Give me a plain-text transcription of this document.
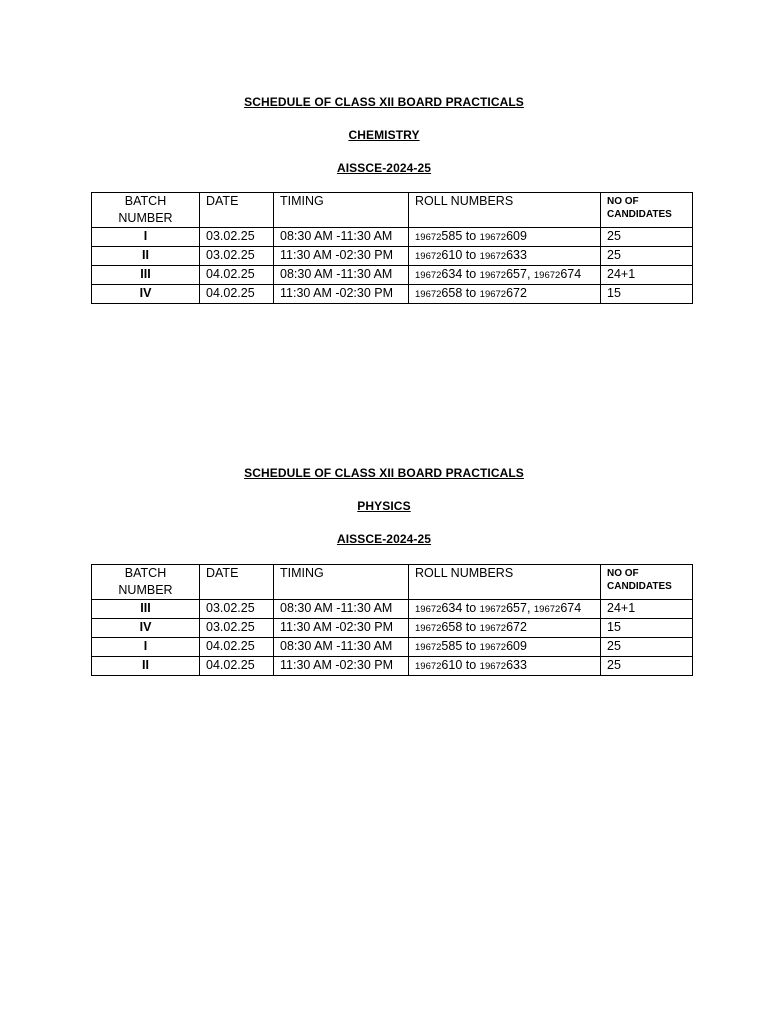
SCHEDULE OF CLASS XII BOARD PRACTICALS
CHEMISTRY
AISSCE-2024-25
BATCH
NUMBER	DATE	TIMING	ROLL NUMBERS	NO OF
CANDIDATES
I	03.02.25	08:30 AM -11:30 AM	19672585 to 19672609	25
II	03.02.25	11:30 AM -02:30 PM	19672610 to 19672633	25
III	04.02.25	08:30 AM -11:30 AM	19672634 to 19672657, 19672674	24+1
IV	04.02.25	11:30 AM -02:30 PM	19672658 to 19672672	15
SCHEDULE OF CLASS XII BOARD PRACTICALS
PHYSICS
AISSCE-2024-25
BATCH
NUMBER	DATE	TIMING	ROLL NUMBERS	NO OF
CANDIDATES
III	03.02.25	08:30 AM -11:30 AM	19672634 to 19672657, 19672674	24+1
IV	03.02.25	11:30 AM -02:30 PM	19672658 to 19672672	15
I	04.02.25	08:30 AM -11:30 AM	19672585 to 19672609	25
II	04.02.25	11:30 AM -02:30 PM	19672610 to 19672633	25
